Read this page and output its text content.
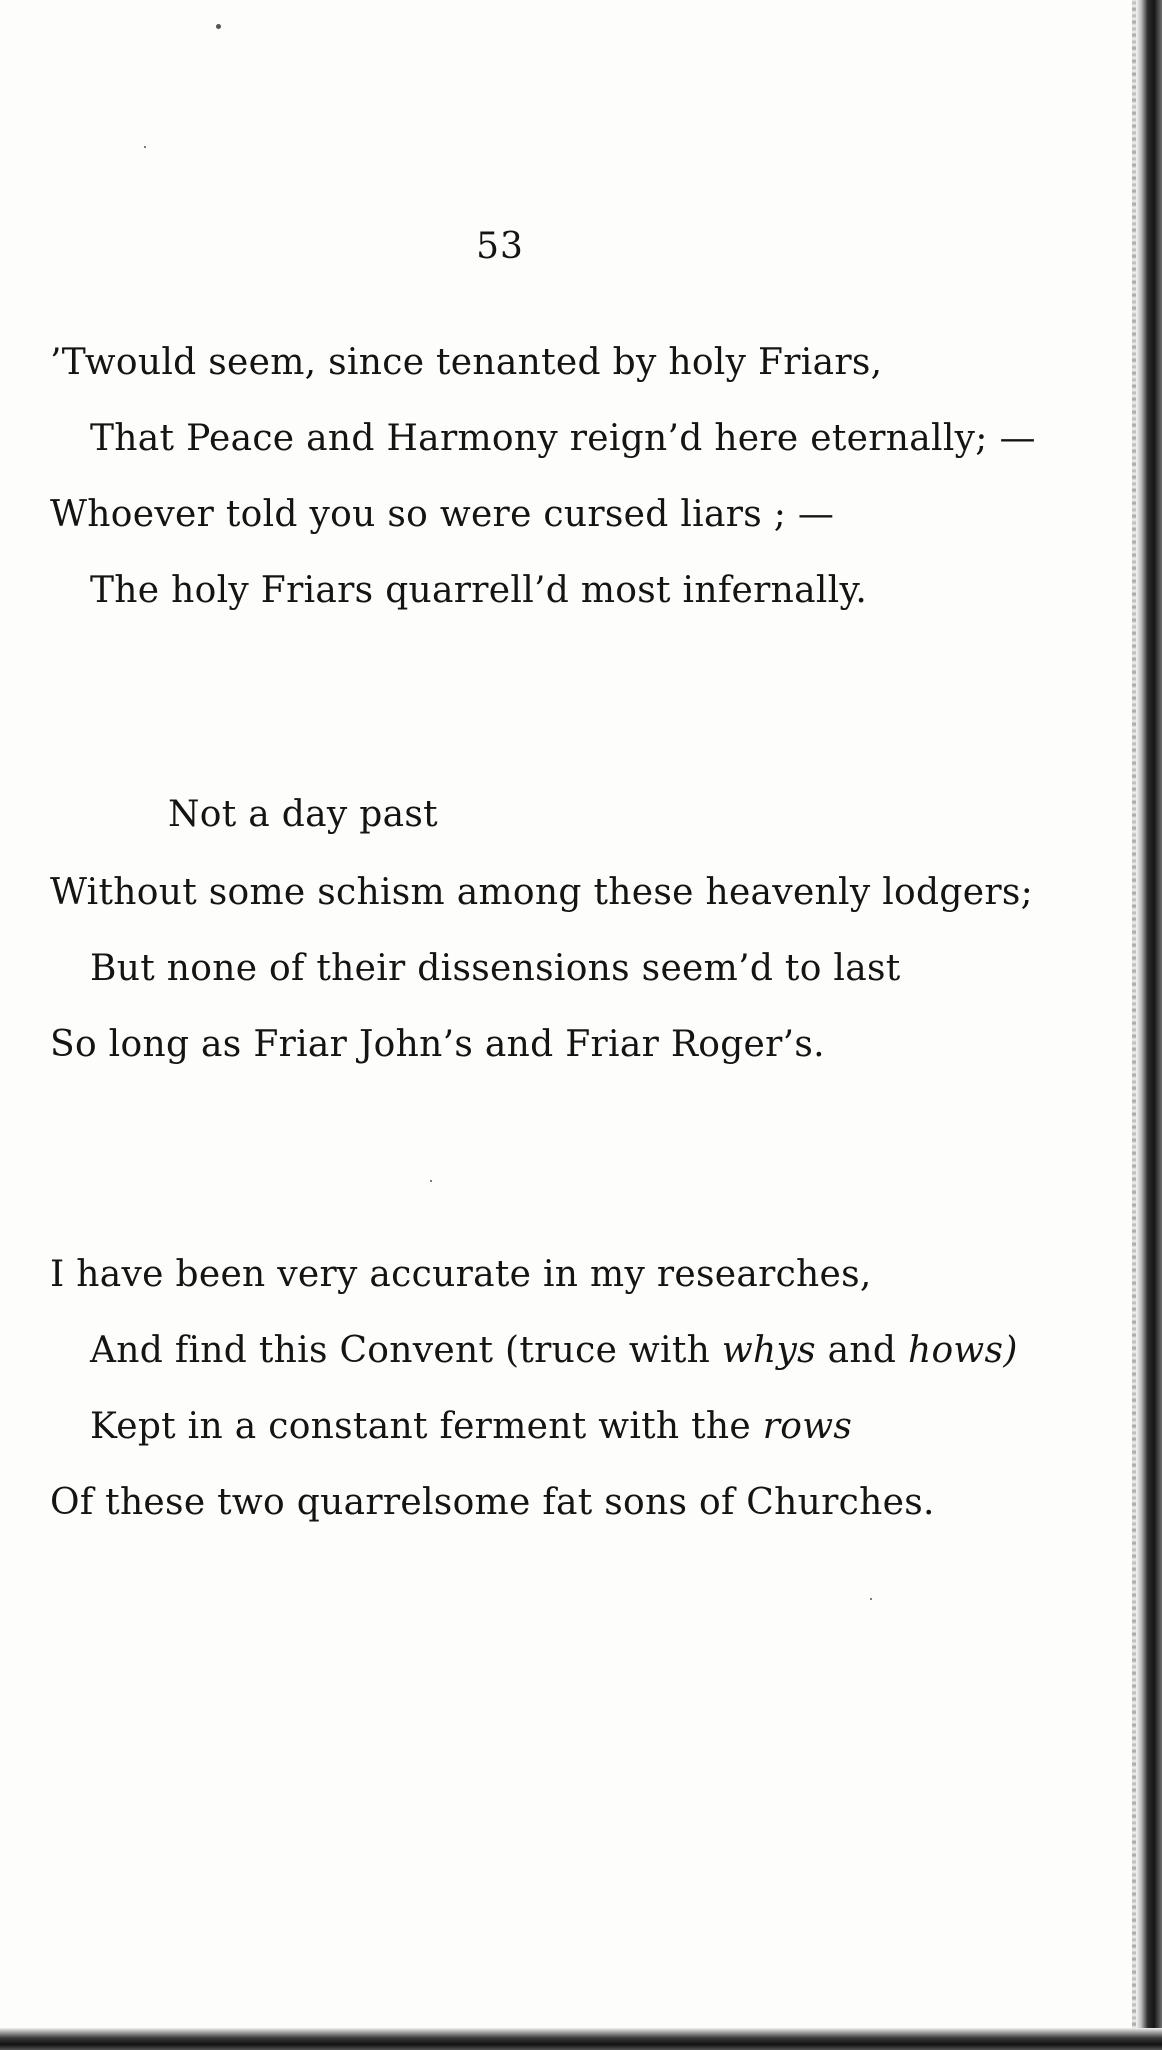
53
’Twould seem, since tenanted by holy Friars,
That Peace and Harmony reign’d here eternally; —
Whoever told you so were cursed liars ; —
The holy Friars quarrell’d most infernally.
Not a day past
Without some schism among these heavenly lodgers;
But none of their dissensions seem’d to last
So long as Friar John’s and Friar Roger’s.
I have been very accurate in my researches,
And find this Convent (truce with whys and hows)
Kept in a constant ferment with the rows
Of these two quarrelsome fat sons of Churches.
